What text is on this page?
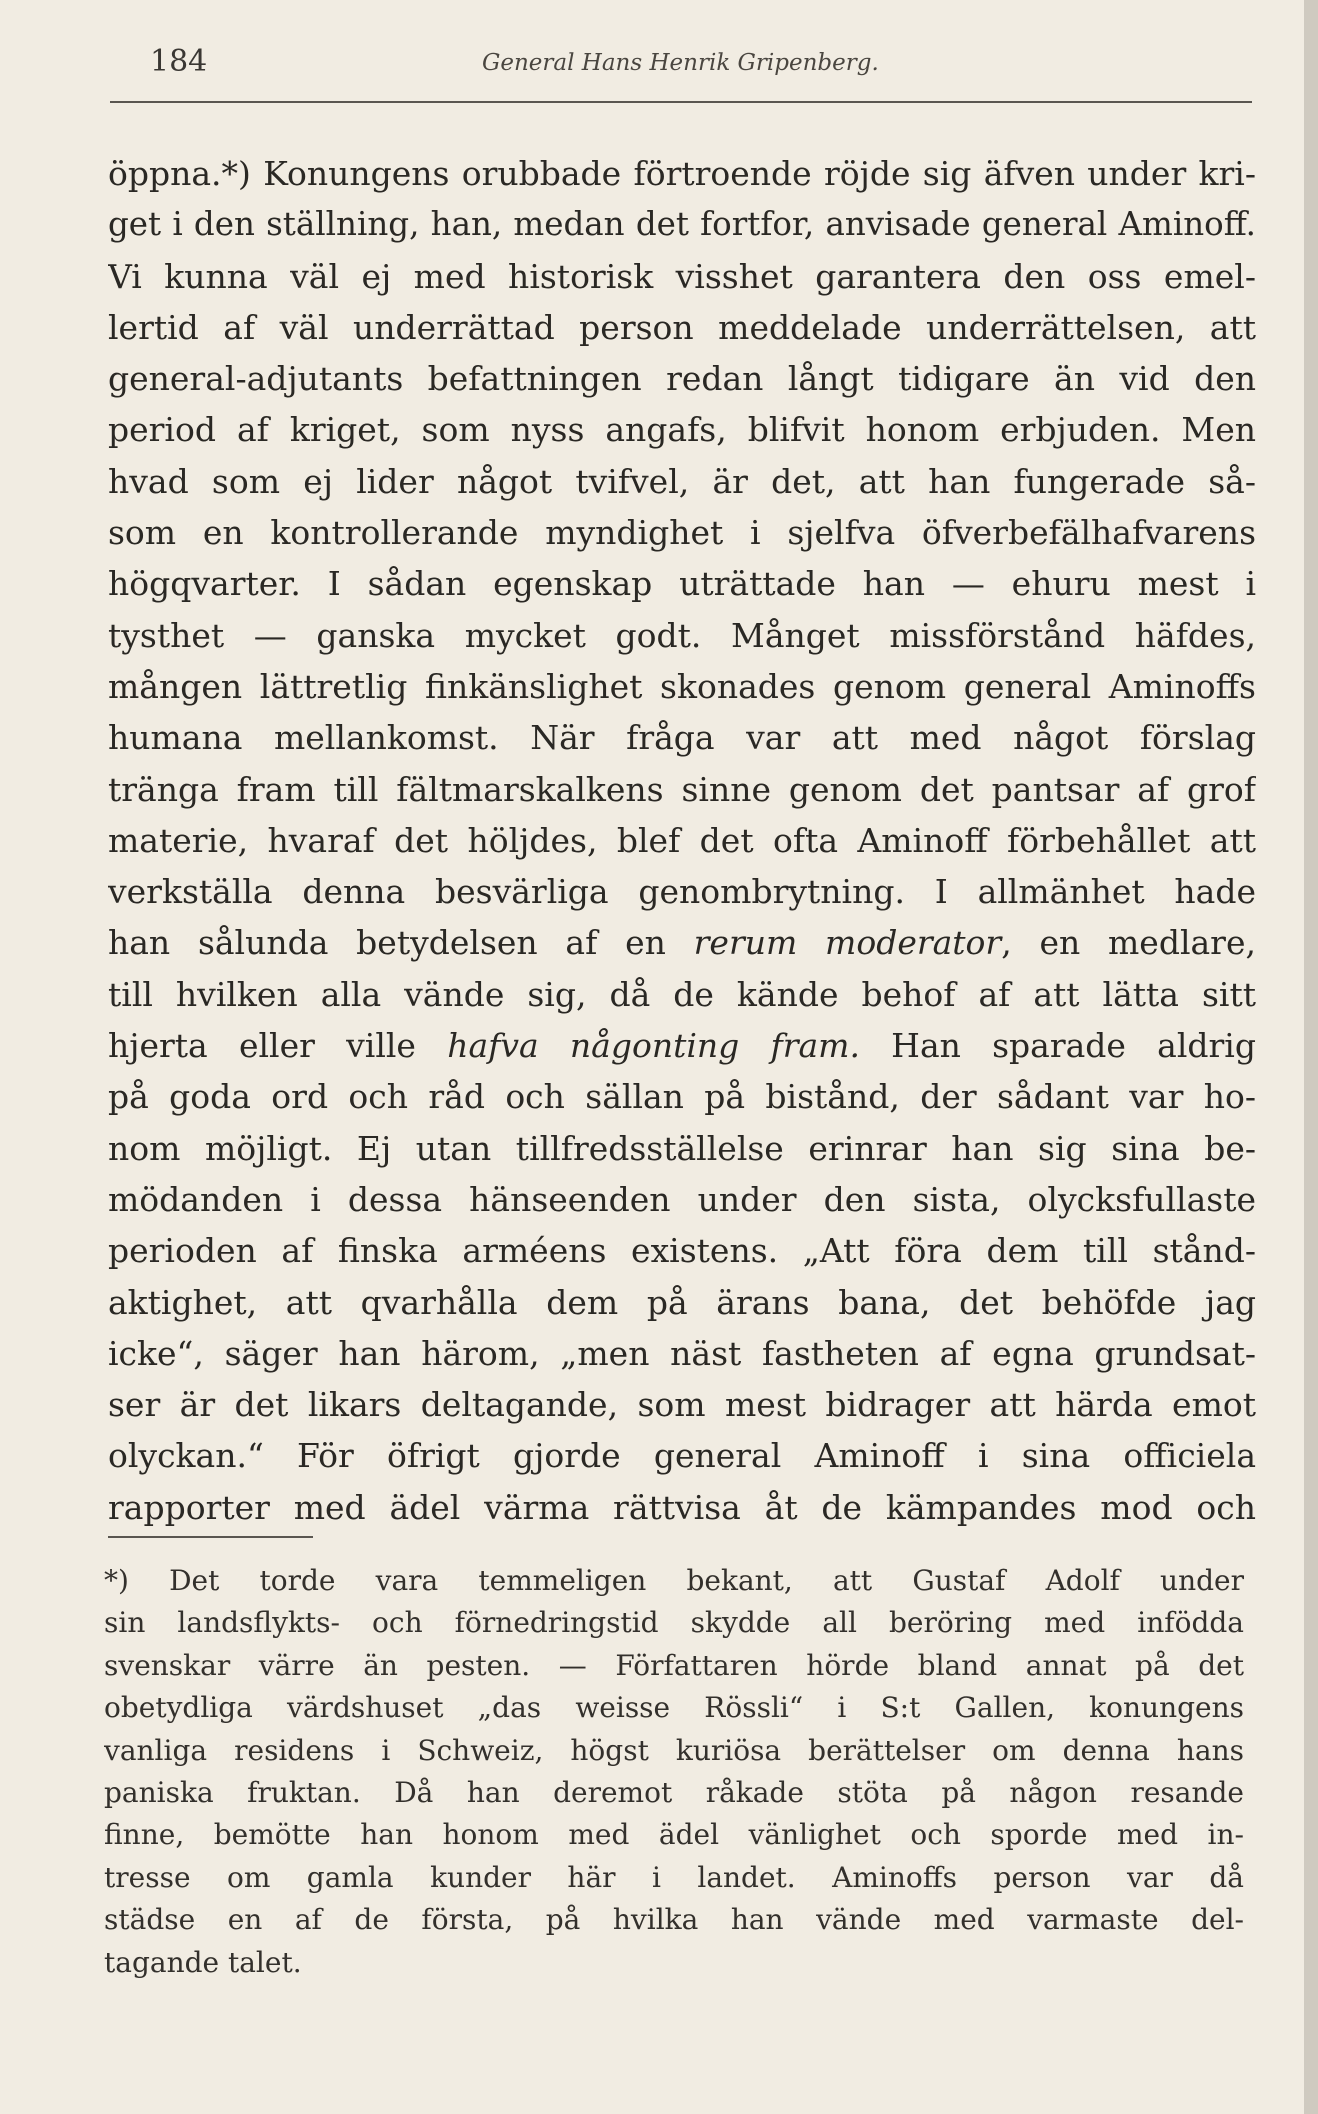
184	General Hans Henrik Gripenberg.
öppna.*) Konungens orubbade förtroende röjde sig äfven under kri-
get i den ställning, han, medan det fortfor, anvisade general Aminoff.
Vi kunna väl ej med historisk visshet garantera den oss emel-
lertid af väl underrättad person meddelade underrättelsen, att
general-adjutants befattningen redan långt tidigare än vid den
period af kriget, som nyss angafs, blifvit honom erbjuden. Men
hvad som ej lider något tvifvel, är det, att han fungerade så-
som en kontrollerande myndighet i sjelfva öfverbefälhafvarens
högqvarter. I sådan egenskap uträttade han — ehuru mest i
tysthet — ganska mycket godt. Månget missförstånd häfdes,
mången lättretlig finkänslighet skonades genom general Aminoffs
humana mellankomst. När fråga var att med något förslag
tränga fram till fältmarskalkens sinne genom det pantsar af grof
materie, hvaraf det höljdes, blef det ofta Aminoff förbehållet att
verkställa denna besvärliga genombrytning. I allmänhet hade
han sålunda betydelsen af en rerum moderator, en medlare,
till hvilken alla vände sig, då de kände behof af att lätta sitt
hjerta eller ville hafva någonting fram. Han sparade aldrig
på goda ord och råd och sällan på bistånd, der sådant var ho-
nom möjligt. Ej utan tillfredsställelse erinrar han sig sina be-
mödanden i dessa hänseenden under den sista, olycksfullaste
perioden af finska arméens existens. „Att föra dem till stånd-
aktighet, att qvarhålla dem på ärans bana, det behöfde jag
icke“, säger han härom, „men näst fastheten af egna grundsat-
ser är det likars deltagande, som mest bidrager att härda emot
olyckan.“ För öfrigt gjorde general Aminoff i sina officiela
rapporter med ädel värma rättvisa åt de kämpandes mod och
*) Det torde vara temmeligen bekant, att Gustaf Adolf under
sin landsflykts- och förnedringstid skydde all beröring med infödda
svenskar värre än pesten. — Författaren hörde bland annat på det
obetydliga värdshuset „das weisse Rössli“ i S:t Gallen, konungens
vanliga residens i Schweiz, högst kuriösa berättelser om denna hans
paniska fruktan. Då han deremot råkade stöta på någon resande
finne, bemötte han honom med ädel vänlighet och sporde med in-
tresse om gamla kunder här i landet. Aminoffs person var då
städse en af de första, på hvilka han vände med varmaste del-
tagande talet.
